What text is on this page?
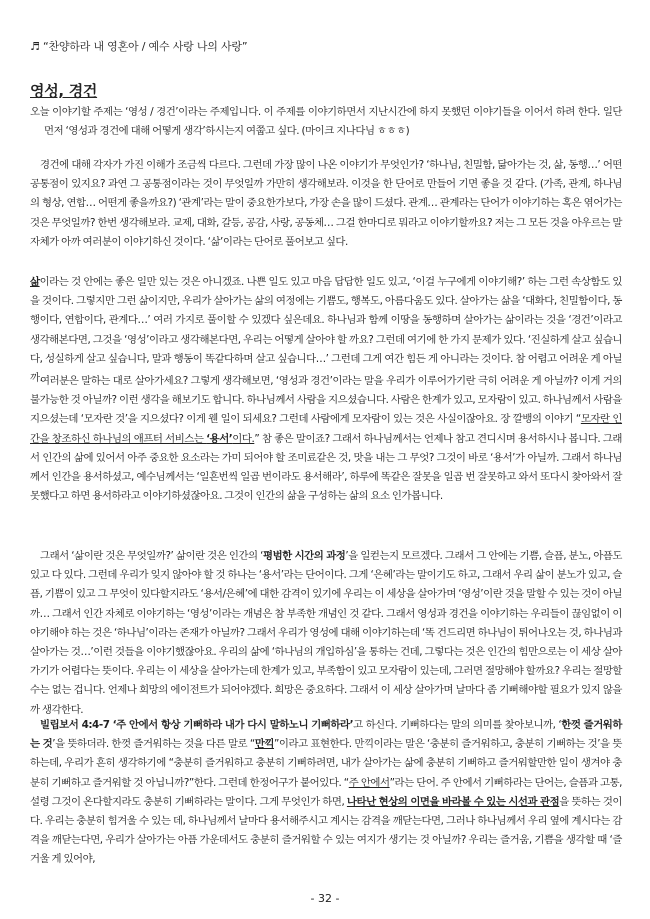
♬ “찬양하라 내 영혼아 / 예수 사랑 나의 사랑”
영성, 경건
오늘 이야기할 주제는 ‘영성 / 경건’이라는 주제입니다. 이 주제를 이야기하면서 지난시간에 하지 못했던 이야기들을 이어서 하려 한다. 일단 먼저 ‘영성과 경건에 대해 어떻게 생각’하시는지 여쭙고 싶다. (마이크 지나다님 ㅎㅎㅎ)
경건에 대해 각자가 가진 이해가 조금씩 다르다. 그런데 가장 많이 나온 이야기가 무엇인가? ‘하나님, 친밀함, 닮아가는 것, 삶, 동행…’ 어떤 공통점이 있지요? 과연 그 공통점이라는 것이 무엇일까 가만히 생각해보라. 이것을 한 단어로 만들어 기면 좋을 것 같다. (가족, 관계, 하나님의 형상, 연합… 어떤게 좋을까요?) ‘관계’라는 말이 중요한가보다, 가장 손을 많이 드셨다. 관계… 관계라는 단어가 이야기하는 혹은 엮어가는 것은 무엇일까? 한번 생각해보라. 교제, 대화, 갈등, 공감, 사랑, 공동체… 그걸 한마디로 뭐라고 이야기할까요? 저는 그 모든 것을 아우르는 말 자체가 아까 여러분이 이야기하신 것이다. ‘삶’이라는 단어로 풀어보고 싶다.
삶이라는 것 안에는 좋은 일만 있는 것은 아니겠죠. 나쁜 일도 있고 마음 답답한 일도 있고, ‘이걸 누구에게 이야기해?’ 하는 그런 속상함도 있을 것이다. 그렇지만 그런 삶이지만, 우리가 살아가는 삶의 여정에는 기쁨도, 행복도, 아름다움도 있다. 살아가는 삶을 ‘대화다, 친밀함이다, 동행이다, 연합이다, 관계다…’ 여러 가지로 풀이할 수 있겠다 싶은데요. 하나님과 함께 이땅을 동행하며 살아가는 삶이라는 것을 ‘경건’이라고 생각해본다면, 그것을 ‘영성’이라고 생각해본다면, 우리는 어떻게 살아야 할 까요? 그런데 여기에 한 가지 문제가 있다. ‘진실하게 살고 싶습니다, 성실하게 살고 싶습니다, 말과 행동이 똑같다하며 살고 싶습니다…’ 그런데 그게 여간 힘든 게 아니라는 것이다. 참 어렵고 어려운 게 아닐까.
여러분은 말하는 대로 살아가세요? 그렇게 생각해보면, ‘영성과 경건’이라는 말을 우리가 이루어가기란 극히 어려운 게 아닐까? 이게 거의 불가능한 것 아닐까? 이런 생각을 해보기도 합니다. 하나님께서 사람을 지으셨습니다. 사람은 한계가 있고, 모자람이 있고. 하나님께서 사람을 지으셨는데 ‘모자란 것’을 지으셨다? 이게 웬 일이 되세요? 그런데 사람에게 모자람이 있는 것은 사실이잖아요. 장 깔뱅의 이야기 “모자란 인간을 창조하신 하나님의 애프터 서비스는 ‘용서’이다.” 참 좋은 말이죠? 그래서 하나님께서는 언제나 참고 견디시며 용서하시나 봅니다. 그래서 인간의 삶에 있어서 아주 중요한 요소라는 가미 되어야 할 조미료같은 것, 맛을 내는 그 무엇? 그것이 바로 ‘용서’가 아닐까. 그래서 하나님께서 인간을 용서하셨고, 예수님께서는 ‘일흔번씩 일곱 번이라도 용서해라’, 하루에 똑같은 잘못을 일곱 번 잘못하고 와서 또다시 찾아와서 잘못했다고 하면 용서하라고 이야기하셨잖아요. 그것이 인간의 삶을 구성하는 삶의 요소 인가봅니다.
그래서 ‘삶이란 것은 무엇일까?’ 삶이란 것은 인간의 ‘평범한 시간의 과정’을 일컫는지 모르겠다. 그래서 그 안에는 기쁨, 슬픔, 분노, 아픔도 있고 다 있다. 그런데 우리가 잊지 않아야 할 것 하나는 ‘용서’라는 단어이다. 그게 ‘은혜’라는 말이기도 하고, 그래서 우리 삶이 분노가 있고, 슬픔, 기쁨이 있고 그 무엇이 있다할지라도 ‘용서/은혜’에 대한 감격이 있기에 우리는 이 세상을 살아가며 ‘영성’이란 것을 말할 수 있는 것이 아닐까… 그래서 인간 자체로 이야기하는 ‘영성’이라는 개념은 참 부족한 개념인 것 같다. 그래서 영성과 경건을 이야기하는 우리들이 끊임없이 이야기해야 하는 것은 ‘하나님’이라는 존재가 아닐까? 그래서 우리가 영성에 대해 이야기하는데 ‘똑 건드리면 하나님이 튀어나오는 것, 하나님과 살아가는 것…’이런 것들을 이야기했잖아요. 우리의 삶에 ‘하나님의 개입하심’을 통하는 건데, 그렇다는 것은 인간의 힘만으로는 이 세상 살아가기가 어렵다는 뜻이다. 우리는 이 세상을 살아가는데 한계가 있고, 부족함이 있고 모자람이 있는데, 그러면 절망해야 할까요? 우리는 절망할 수는 없는 겁니다. 언제나 희망의 에이전트가 되어야겠다. 희망은 중요하다. 그래서 이 세상 살아가며 날마다 좀 기뻐해야할 필요가 있지 않을까 생각한다.
빌립보서 4:4-7 ‘주 안에서 항상 기뻐하라 내가 다시 말하노니 기뻐하라’고 하신다. 기뻐하다는 말의 의미를 찾아보니까, ‘한껏 즐거워하는 것’을 뜻하더라. 한껏 즐거워하는 것을 다른 말로 “만끽”이라고 표현한다. 만끽이라는 말은 ‘충분히 즐거워하고, 충분히 기뻐하는 것’을 뜻하는데, 우리가 흔히 생각하기에 “충분히 즐거워하고 충분히 기뻐하려면, 내가 살아가는 삶에 충분히 기뻐하고 즐거워할만한 일이 생겨야 충분히 기뻐하고 즐거워할 것 아닙니까?”한다. 그런데 한정어구가 붙어있다. “주 안에서”라는 단어. 주 안에서 기뻐하라는 단어는, 슬픔과 고통, 설령 그것이 온다할지라도 충분히 기뻐하라는 말이다. 그게 무엇인가 하면, 나타난 현상의 이면을 바라볼 수 있는 시선과 관점을 뜻하는 것이다. 우리는 충분히 힘겨울 수 있는 데, 하나님께서 날마다 용서해주시고 계시는 감격을 깨닫는다면, 그러나 하나님께서 우리 옆에 계시다는 감격을 깨닫는다면, 우리가 살아가는 아픔 가운데서도 충분히 즐거워할 수 있는 여지가 생기는 것 아닐까? 우리는 즐거움, 기쁨을 생각할 때 ‘즐거울 게 있어야,
- 32 -
